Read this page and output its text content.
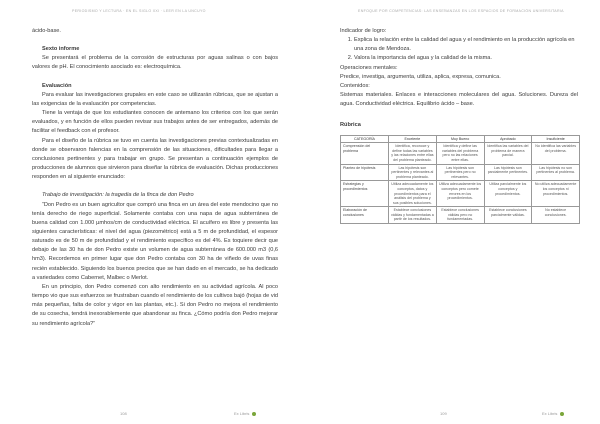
PERIODISMO Y LECTURA · EN EL SIGLO XXI · LEER EN LA UNCUYO

ácido-base.

Sexto informe

Se presentará el problema de la corrosión de estructuras por aguas salinas o con bajos valores de pH. El conocimiento asociado es: electroquímica.

Evaluación

Para evaluar las investigaciones grupales en este caso se utilizarán rúbricas, que se ajustan a las exigencias de la evaluación por competencias.

Tiene la ventaja de que los estudiantes conocen de antemano los criterios con los que serán evaluados, y en función de ellos pueden revisar sus trabajos antes de ser entregados, además de facilitar el feedback con el profesor.

Para el diseño de la rúbrica se tuvo en cuenta las investigaciones previas contextualizadas en donde se observaron falencias en la comprensión de las situaciones, dificultades para llegar a conclusiones pertinentes y para trabajar en grupo. Se presentan a continuación ejemplos de producciones de alumnos que sirvieron para diseñar la rúbrica de evaluación. Dichas producciones responden en al siguiente enunciado:

Trabajo de investigación: la tragedia de la finca de don Pedro

“Don Pedro es un buen agricultor que compró una finca en un área del este mendocino que no tenía derecho de riego superficial. Solamente contaba con una napa de agua subterránea de buena calidad con 1.000 µmhos/cm de conductividad eléctrica. El acuífero es libre y presenta las siguientes características: el nivel del agua (piezométrico) está a 5 m de profundidad, el espesor saturado es de 50 m de profundidad y el rendimiento específico es del 4%. Es toquiere decir que debajo de las 30 ha de don Pedro existe un volumen de agua subterránea de 600.000 m3 (0,6 hm3). Recordemos en primer lugar que don Pedro contaba con 30 ha de viñedo de uvas finas recién establecido. Siguiendo los buenos precios que se han dado en el mercado, se ha dedicado a variedades como Cabernet, Malbec o Merlot.

En un principio, don Pedro comenzó con alto rendimiento en su actividad agrícola. Al poco tiempo vio que sus esfuerzos se frustraban cuando el rendimiento de los cultivos bajó (hojas de vid más pequeñas, falta de color y vigor en las plantas, etc.). Si don Pedro no mejora el rendimiento de su cosecha, tendrá inexorablemente que abandonar su finca. ¿Cómo podría don Pedro mejorar su rendimiento agrícola?”

108	Ex Libris
ENFOQUE POR COMPETENCIAS: LAS ENSEÑANZAS EN LOS ESPACIOS DE FORMACIÓN UNIVERSITARIA

Indicador de logro:

1. Explica la relación entre la calidad del agua y el rendimiento en la producción agrícola en una zona de Mendoza.
2. Valora la importancia del agua y la calidad de la misma.

Operaciones mentales:

Predice, investiga, argumenta, utiliza, aplica, expresa, comunica.

Contenidos:

Sistemas materiales. Enlaces e interacciones moleculares del agua. Soluciones. Dureza del agua. Conductividad eléctrica. Equilibrio ácido – base.

Rúbrica

CATEGORÍA	Excelente	Muy Bueno	Aprobado	Insuficiente
Comprensión del problema	Identifica, reconoce y define todas las variables y las relaciones entre ellas del problema planteado.	Identifica y define las variables del problema pero no las relaciones entre ellas.	Identifica las variables del problema de manera parcial.	No identifica las variables del problema.
Planteo de hipótesis	Las hipótesis son pertinentes y relevantes al problema planteado.	Las hipótesis son pertinentes pero no relevantes.	Las hipótesis son parcialmente pertinentes.	Las hipótesis no son pertinentes al problema.
Estrategias y procedimientos	Utiliza adecuadamente los conceptos, datos y procedimientos para el análisis del problema y sus posibles soluciones.	Utiliza adecuadamente los conceptos pero comete errores en los procedimientos.	Utiliza parcialmente los conceptos y procedimientos.	No utiliza adecuadamente los conceptos ni procedimientos.
Elaboración de conclusiones	Establece conclusiones válidas y fundamentadas a partir de los resultados.	Establece conclusiones válidas pero no fundamentadas.	Establece conclusiones parcialmente válidas.	No establece conclusiones.
109	Ex Libris
